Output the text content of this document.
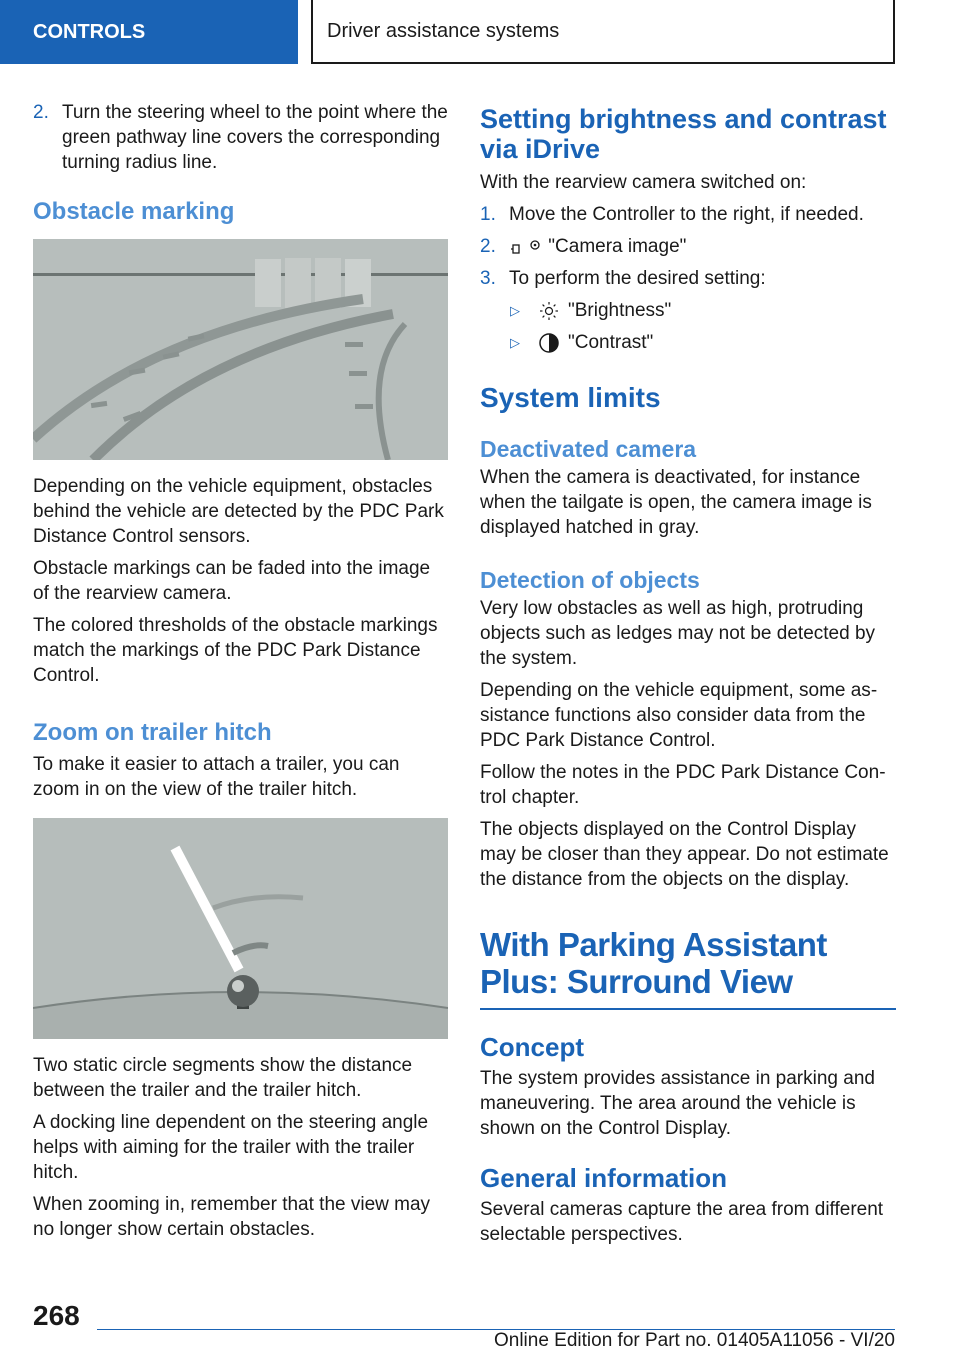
CONTROLS	Driver assistance systems
2. Turn the steering wheel to the point where the green pathway line covers the corresponding turning radius line.
Obstacle marking

Depending on the vehicle equipment, obstacles behind the vehicle are detected by the PDC Park Distance Control sensors.

Obstacle markings can be faded into the image of the rearview camera.

The colored thresholds of the obstacle markings match the markings of the PDC Park Distance Control.

Zoom on trailer hitch

To make it easier to attach a trailer, you can zoom in on the view of the trailer hitch.

Two static circle segments show the distance between the trailer and the trailer hitch.

A docking line dependent on the steering angle helps with aiming for the trailer with the trailer hitch.

When zooming in, remember that the view may no longer show certain obstacles.

Setting brightness and contrast via iDrive

With the rearview camera switched on:

1. Move the Controller to the right, if needed.
2.	"Camera image"
3. To perform the desired setting:
▷	"Brightness"
▷	"Contrast"
System limits
Deactivated camera

When the camera is deactivated, for instance when the tailgate is open, the camera image is displayed hatched in gray.

Detection of objects

Very low obstacles as well as high, protruding objects such as ledges may not be detected by the system.

Depending on the vehicle equipment, some assistance functions also consider data from the PDC Park Distance Control.

Follow the notes in the PDC Park Distance Control chapter.

The objects displayed on the Control Display may be closer than they appear. Do not estimate the distance from the objects on the display.

With Parking Assistant Plus: Surround View
Concept

The system provides assistance in parking and maneuvering. The area around the vehicle is shown on the Control Display.

General information

Several cameras capture the area from different selectable perspectives.

268
Online Edition for Part no. 01405A11056 - VI/20
